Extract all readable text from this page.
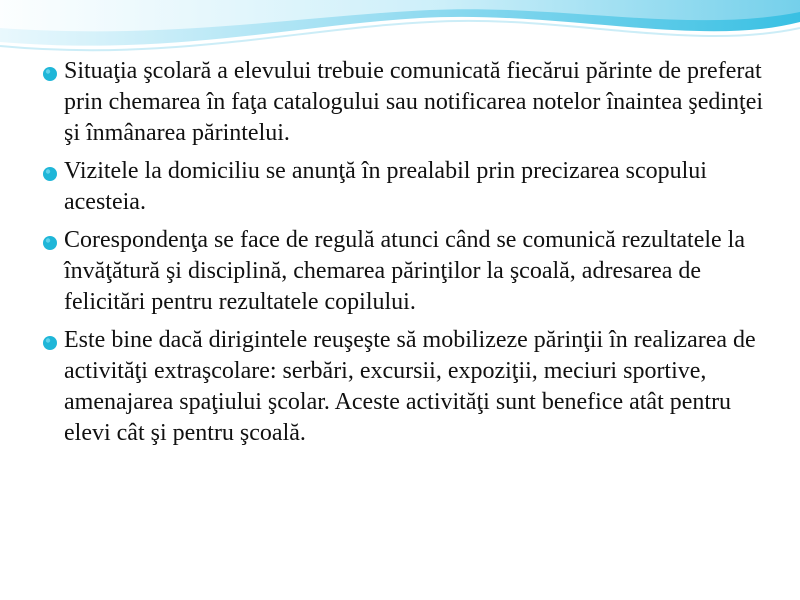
Situaţia şcolară a elevului trebuie comunicată fiecărui părinte de preferat prin chemarea în faţa catalogului sau notificarea notelor înaintea şedinţei şi înmânarea părintelui.
Vizitele la domiciliu se anunţă în prealabil prin precizarea scopului acesteia.
Corespondenţa se face de regulă atunci când se comunică rezultatele la învăţătură şi disciplină, chemarea părinţilor la şcoală, adresarea de felicitări pentru rezultatele copilului.
Este bine dacă dirigintele reuşeşte să mobilizeze părinţii în realizarea de activităţi extraşcolare: serbări, excursii, expoziţii, meciuri sportive, amenajarea spaţiului şcolar. Aceste activităţi sunt benefice atât pentru elevi cât şi pentru şcoală.
